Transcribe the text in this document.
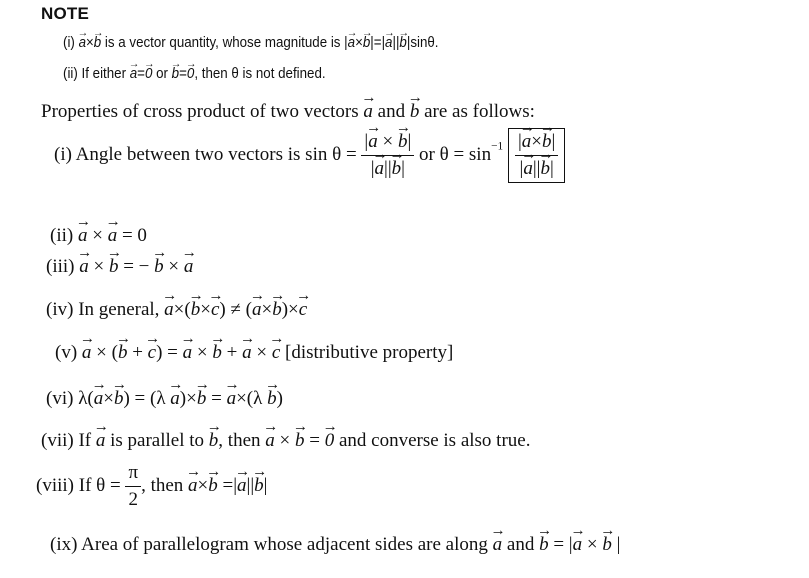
NOTE
(i) → a×→ b is a vector quantity, whose magnitude is |→ a×→ b|=|→ a||→ b|sinθ.
(ii) If either → a=→ 0 or → b=→ 0, then θ is not defined.
Properties of cross product of two vectors → a and → b are as follows:
(i) Angle between two vectors is $\sin \theta = \frac{|\to a \times \to b|}{|\to a||\to b|}$ or $\theta = \sin^{-1} \frac{|\to a\times\to b|}{|\to a||\to b|}$
(ii) → a × → a = 0
(iii) → a × → b = − → b × → a
(iv) In general, → a×(→ b×→ c) ≠ (→ a×→ b)×→ c
(v) → a × (→ b + → c) = → a × → b + → a × → c [distributive property]
(vi) λ(→ a×→ b) = (λ → a)×→ b = → a×(λ → b)
(vii) If → a is parallel to → b, then → a × → b = → 0 and converse is also true.
(viii) If $\theta = \frac{\pi}{2}$ , then → a×→ b =|→ a||→ b|
(ix) Area of parallelogram whose adjacent sides are along → a and → b = |→ a × → b |
